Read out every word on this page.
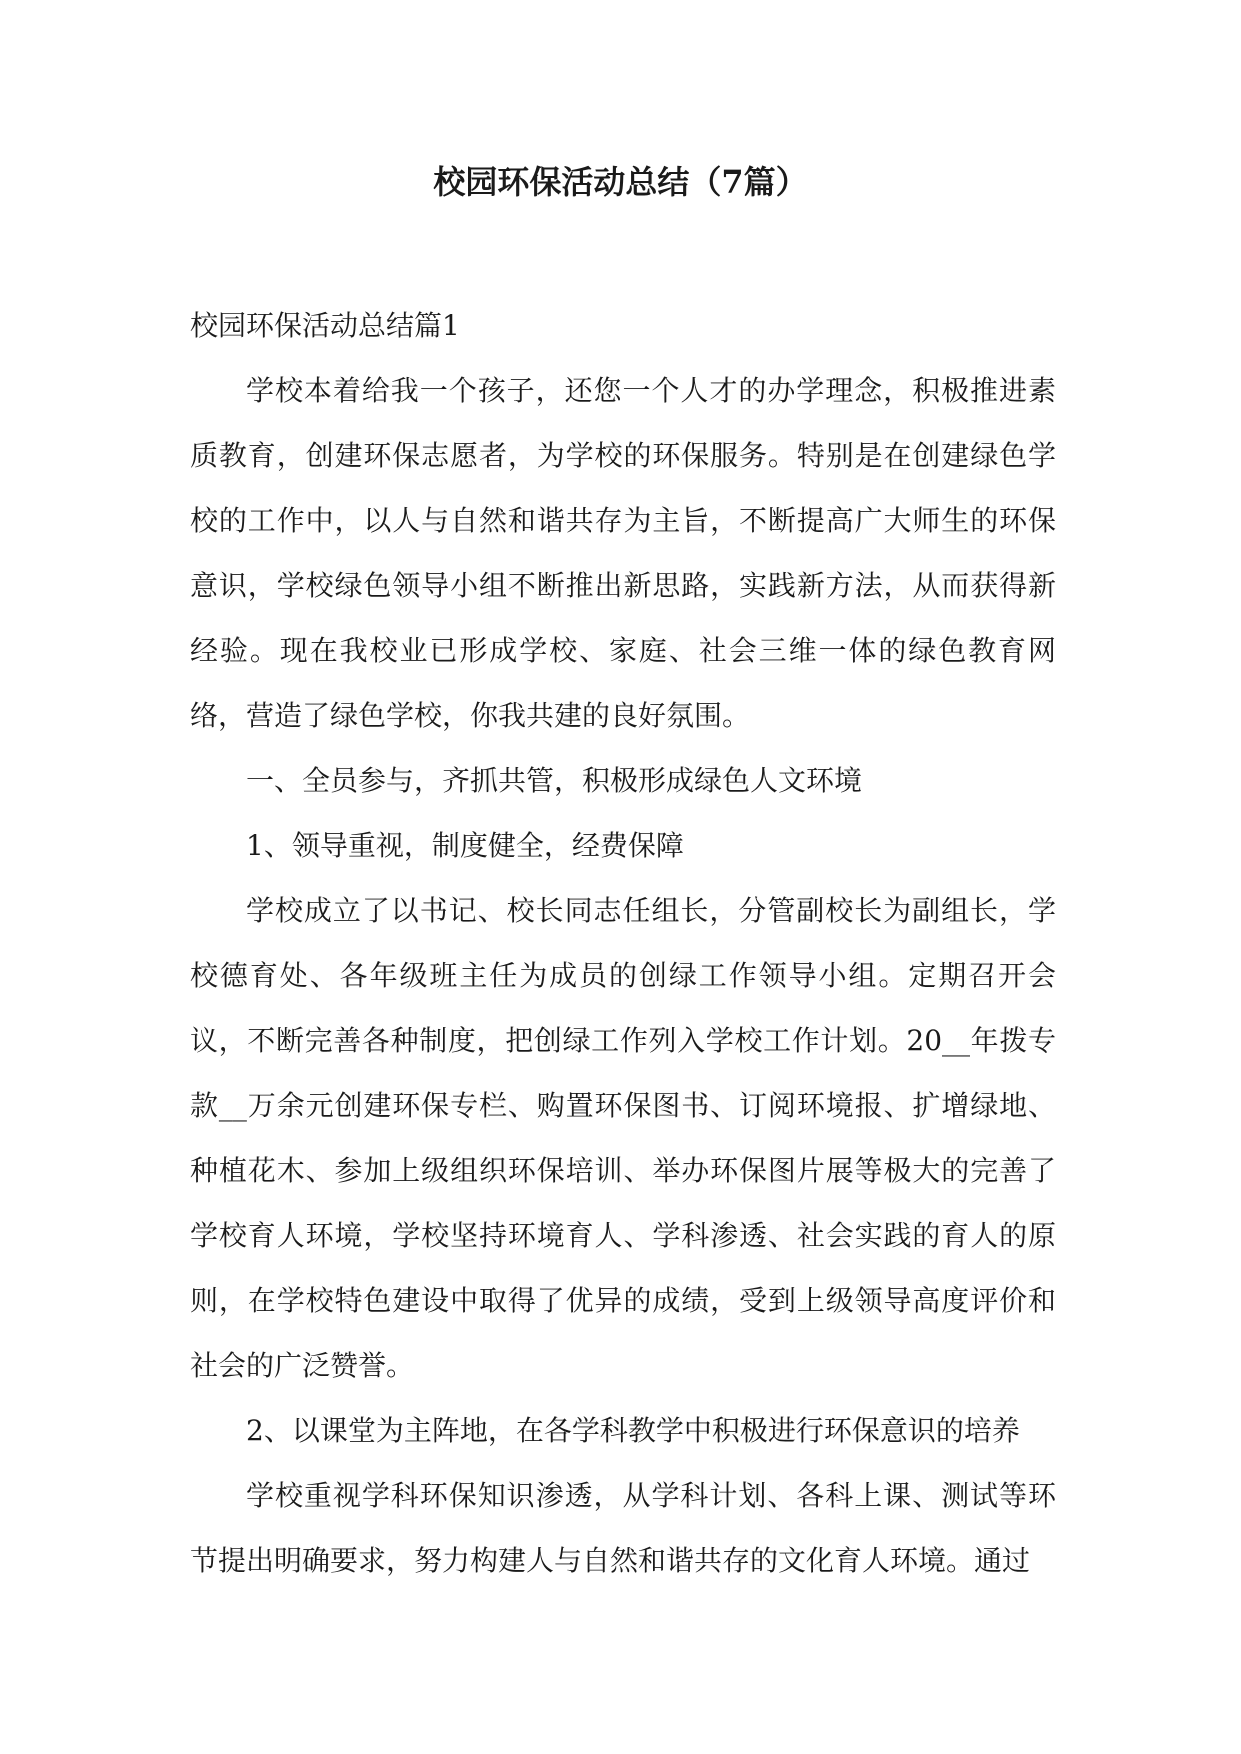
校园环保活动总结（7篇）

校园环保活动总结篇1

学校本着给我一个孩子，还您一个人才的办学理念，积极推进素质教育，创建环保志愿者，为学校的环保服务。特别是在创建绿色学校的工作中，以人与自然和谐共存为主旨，不断提高广大师生的环保意识，学校绿色领导小组不断推出新思路，实践新方法，从而获得新经验。现在我校业已形成学校、家庭、社会三维一体的绿色教育网络，营造了绿色学校，你我共建的良好氛围。

一、全员参与，齐抓共管，积极形成绿色人文环境

1、领导重视，制度健全，经费保障

学校成立了以书记、校长同志任组长，分管副校长为副组长，学校德育处、各年级班主任为成员的创绿工作领导小组。定期召开会议，不断完善各种制度，把创绿工作列入学校工作计划。20__年拨专款__万余元创建环保专栏、购置环保图书、订阅环境报、扩增绿地、种植花木、参加上级组织环保培训、举办环保图片展等极大的完善了学校育人环境，学校坚持环境育人、学科渗透、社会实践的育人的原则，在学校特色建设中取得了优异的成绩，受到上级领导高度评价和社会的广泛赞誉。

2、以课堂为主阵地，在各学科教学中积极进行环保意识的培养

学校重视学科环保知识渗透，从学科计划、各科上课、测试等环节提出明确要求，努力构建人与自然和谐共存的文化育人环境。通过
